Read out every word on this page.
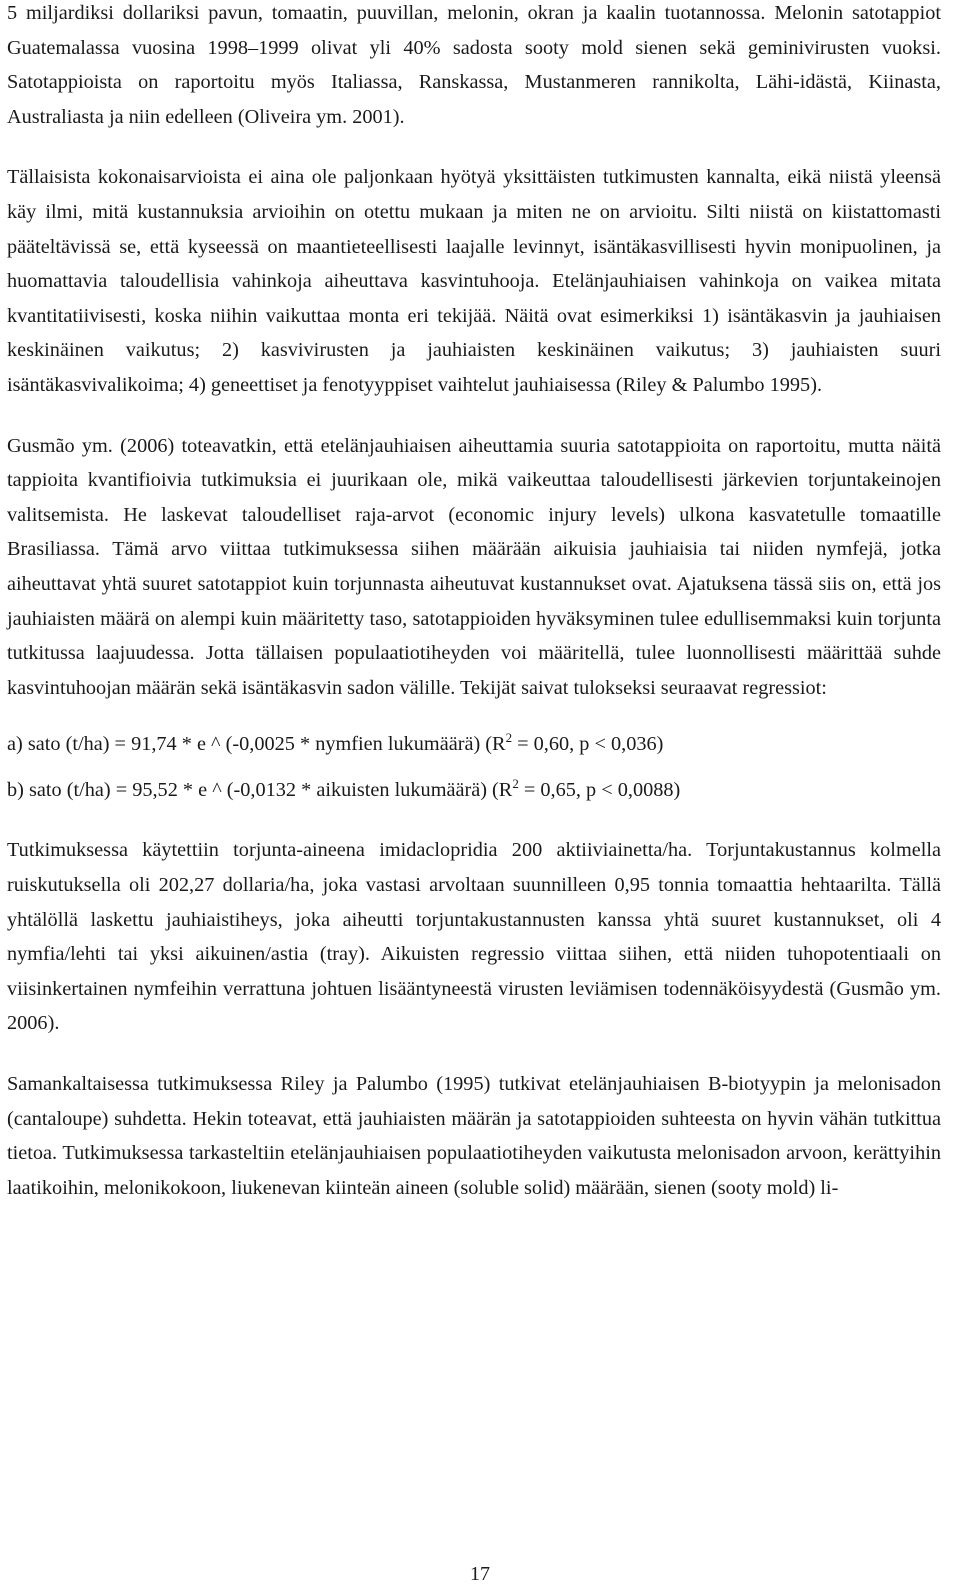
5 miljardiksi dollariksi pavun, tomaatin, puuvillan, melonin, okran ja kaalin tuotannossa. Melonin satotappiot Guatemalassa vuosina 1998–1999 olivat yli 40% sadosta sooty mold sienen sekä geminivirusten vuoksi. Satotappioista on raportoitu myös Italiassa, Ranskassa, Mustanmeren rannikolta, Lähi-idästä, Kiinasta, Australiasta ja niin edelleen (Oliveira ym. 2001).

Tällaisista kokonaisarvioista ei aina ole paljonkaan hyötyä yksittäisten tutkimusten kannalta, eikä niistä yleensä käy ilmi, mitä kustannuksia arvioihin on otettu mukaan ja miten ne on arvioitu. Silti niistä on kiistattomasti pääteltävissä se, että kyseessä on maantieteellisesti laajalle levinnyt, isäntäkasvillisesti hyvin monipuolinen, ja huomattavia taloudellisia vahinkoja aiheuttava kasvintuhooja. Etelänjauhiaisen vahinkoja on vaikea mitata kvantitatiivisesti, koska niihin vaikuttaa monta eri tekijää. Näitä ovat esimerkiksi 1) isäntäkasvin ja jauhiaisen keskinäinen vaikutus; 2) kasvivirusten ja jauhiaisten keskinäinen vaikutus; 3) jauhiaisten suuri isäntäkasvivalikoima; 4) geneettiset ja fenotyyppiset vaihtelut jauhiaisessa (Riley & Palumbo 1995).

Gusmão ym. (2006) toteavatkin, että etelänjauhiaisen aiheuttamia suuria satotappioita on raportoitu, mutta näitä tappioita kvantifioivia tutkimuksia ei juurikaan ole, mikä vaikeuttaa taloudellisesti järkevien torjuntakeinojen valitsemista. He laskevat taloudelliset raja-arvot (economic injury levels) ulkona kasvatetulle tomaatille Brasiliassa. Tämä arvo viittaa tutkimuksessa siihen määrään aikuisia jauhiaisia tai niiden nymfejä, jotka aiheuttavat yhtä suuret satotappiot kuin torjunnasta aiheutuvat kustannukset ovat. Ajatuksena tässä siis on, että jos jauhiaisten määrä on alempi kuin määritetty taso, satotappioiden hyväksyminen tulee edullisemmaksi kuin torjunta tutkitussa laajuudessa. Jotta tällaisen populaatiotiheyden voi määritellä, tulee luonnollisesti määrittää suhde kasvintuhoojan määrän sekä isäntäkasvin sadon välille. Tekijät saivat tulokseksi seuraavat regressiot:

a) sato (t/ha) = 91,74 * e ^ (-0,0025 * nymfien lukumäärä) ($R^2 = 0,60$, p < 0,036)

b) sato (t/ha) = 95,52 * e ^ (-0,0132 * aikuisten lukumäärä) ($R^2 = 0,65$, p < 0,0088)

Tutkimuksessa käytettiin torjunta-aineena imidaclopridia 200 aktiiviainetta/ha. Torjuntakustannus kolmella ruiskutuksella oli 202,27 dollaria/ha, joka vastasi arvoltaan suunnilleen 0,95 tonnia tomaattia hehtaarilta. Tällä yhtälöllä laskettu jauhiaistiheys, joka aiheutti torjuntakustannusten kanssa yhtä suuret kustannukset, oli 4 nymfia/lehti tai yksi aikuinen/astia (tray). Aikuisten regressio viittaa siihen, että niiden tuhopotentiaali on viisinkertainen nymfeihin verrattuna johtuen lisääntyneestä virusten leviämisen todennäköisyydestä (Gusmão ym. 2006).

Samankaltaisessa tutkimuksessa Riley ja Palumbo (1995) tutkivat etelänjauhiaisen B-biotyypin ja melonisadon (cantaloupe) suhdetta. Hekin toteavat, että jauhiaisten määrän ja satotappioiden suhteesta on hyvin vähän tutkittua tietoa. Tutkimuksessa tarkasteltiin etelänjauhiaisen populaatiotiheyden vaikutusta melonisadon arvoon, kerättyihin laatikoihin, melonikokoon, liukenevan kiinteän aineen (soluble solid) määrään, sienen (sooty mold) li-

17
